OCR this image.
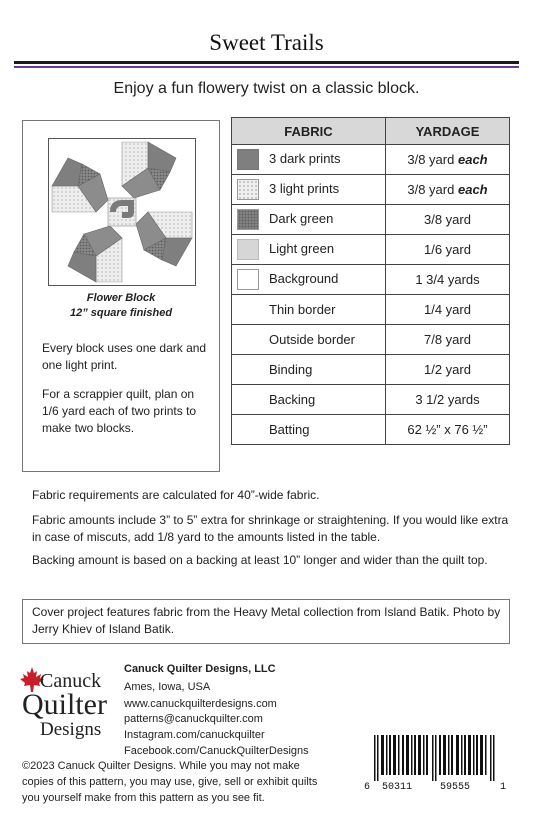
Sweet Trails
Enjoy a fun flowery twist on a classic block.
Flower Block
12” square finished
Every block uses one dark and one light print.
For a scrappier quilt, plan on 1/6 yard each of two prints to make two blocks.
FABRIC	YARDAGE
3 dark prints	3/8 yard each
3 light prints	3/8 yard each
Dark green	3/8 yard
Light green	1/6 yard
Background	1 3/4 yards
Thin border	1/4 yard
Outside border	7/8 yard
Binding	1/2 yard
Backing	3 1/2 yards
Batting	62 ½” x 76 ½”
Fabric requirements are calculated for 40”-wide fabric.
Fabric amounts include 3” to 5” extra for shrinkage or straightening. If you would like extra in case of miscuts, add 1/8 yard to the amounts listed in the table.
Backing amount is based on a backing at least 10” longer and wider than the quilt top.
Cover project features fabric from the Heavy Metal collection from Island Batik. Photo by Jerry Khiev of Island Batik.
Canuck
Quilter
Designs
Canuck Quilter Designs, LLC
Ames, Iowa, USA
www.canuckquilterdesigns.com
patterns@canuckquilter.com
Instagram.com/canuckquilter
Facebook.com/CanuckQuilterDesigns
©2023 Canuck Quilter Designs. While you may not make copies of this pattern, you may use, give, sell or exhibit quilts you yourself make from this pattern as you see fit.
6 50311	59555	1
